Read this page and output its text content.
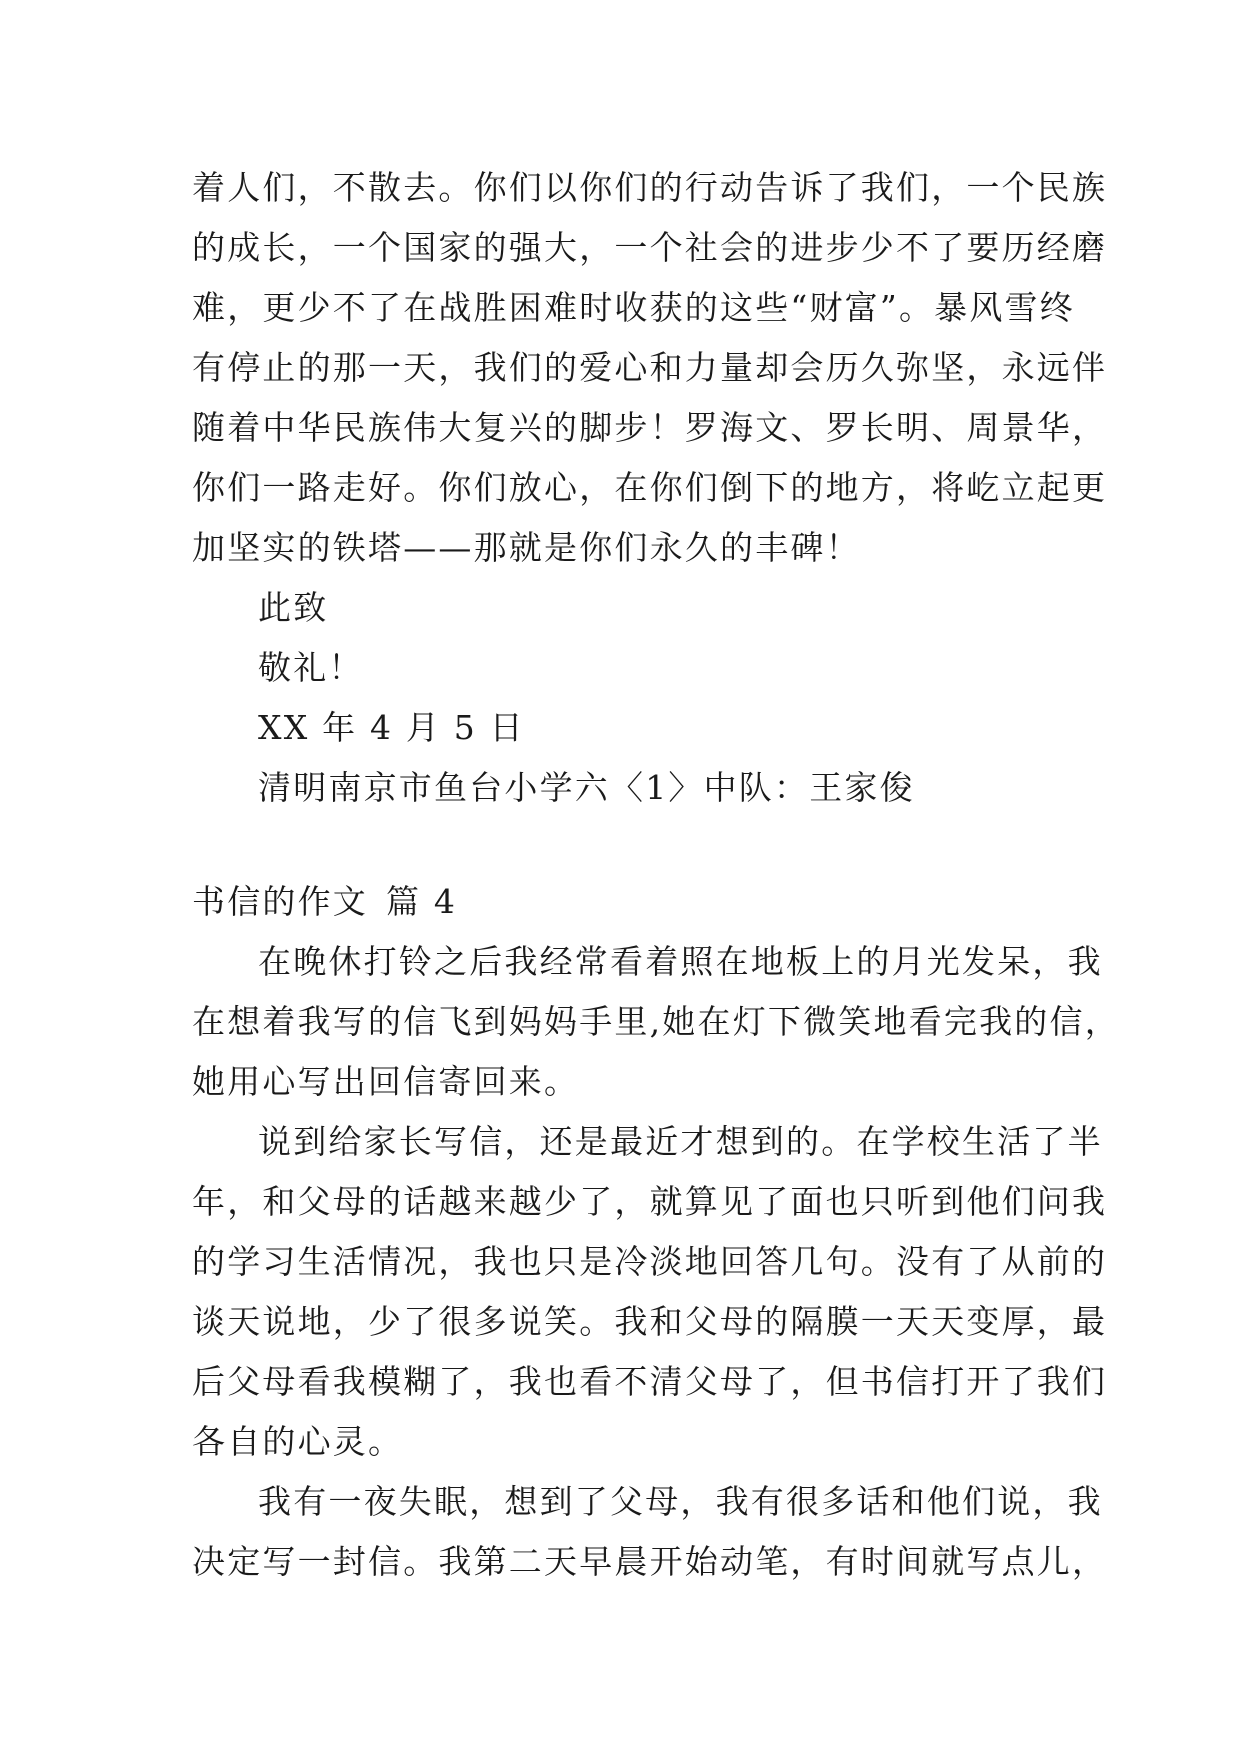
着人们，不散去。你们以你们的行动告诉了我们，一个民族
的成长，一个国家的强大，一个社会的进步少不了要历经磨
难，更少不了在战胜困难时收获的这些“财富”。暴风雪终
有停止的那一天，我们的爱心和力量却会历久弥坚，永远伴
随着中华民族伟大复兴的脚步！罗海文、罗长明、周景华，
你们一路走好。你们放心，在你们倒下的地方，将屹立起更
加坚实的铁塔——那就是你们永久的丰碑！
此致
敬礼！
XX 年 4 月 5 日
清明南京市鱼台小学六〈1〉中队：王家俊
书信的作文 篇 4
在晚休打铃之后我经常看着照在地板上的月光发呆，我
在想着我写的信飞到妈妈手里,她在灯下微笑地看完我的信，
她用心写出回信寄回来。
说到给家长写信，还是最近才想到的。在学校生活了半
年，和父母的话越来越少了，就算见了面也只听到他们问我
的学习生活情况，我也只是冷淡地回答几句。没有了从前的
谈天说地，少了很多说笑。我和父母的隔膜一天天变厚，最
后父母看我模糊了，我也看不清父母了，但书信打开了我们
各自的心灵。
我有一夜失眠，想到了父母，我有很多话和他们说，我
决定写一封信。我第二天早晨开始动笔，有时间就写点儿，
